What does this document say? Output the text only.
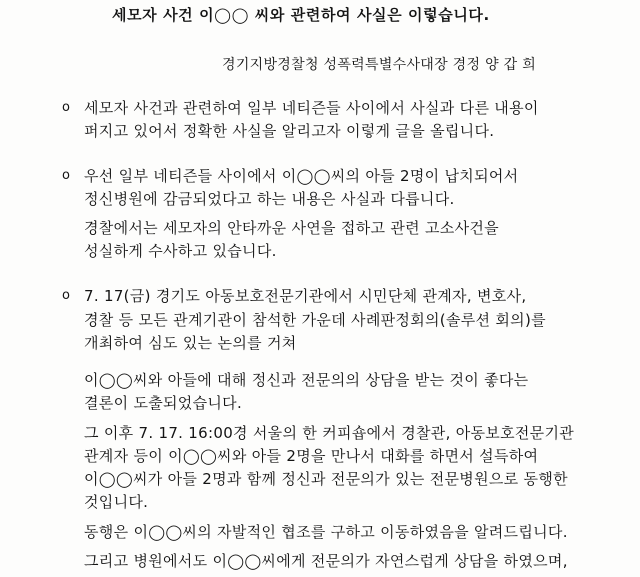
세모자 사건 이◯◯ 씨와 관련하여 사실은 이렇습니다.
경기지방경찰청 성폭력특별수사대장 경정 양 갑 희
o 세모자 사건과 관련하여 일부 네티즌들 사이에서 사실과 다른 내용이
퍼지고 있어서 정확한 사실을 알리고자 이렇게 글을 올립니다.
o 우선 일부 네티즌들 사이에서 이◯◯씨의 아들 2명이 납치되어서
정신병원에 감금되었다고 하는 내용은 사실과 다릅니다.
경찰에서는 세모자의 안타까운 사연을 접하고 관련 고소사건을
성실하게 수사하고 있습니다.
o 7. 17(금) 경기도 아동보호전문기관에서 시민단체 관계자, 변호사,
경찰 등 모든 관계기관이 참석한 가운데 사례판정회의(솔루션 회의)를
개최하여 심도 있는 논의를 거쳐
이◯◯씨와 아들에 대해 정신과 전문의의 상담을 받는 것이 좋다는
결론이 도출되었습니다.
그 이후 7. 17. 16:00경 서울의 한 커피숍에서 경찰관, 아동보호전문기관
관계자 등이 이◯◯씨와 아들 2명을 만나서 대화를 하면서 설득하여
이◯◯씨가 아들 2명과 함께 정신과 전문의가 있는 전문병원으로 동행한
것입니다.
동행은 이◯◯씨의 자발적인 협조를 구하고 이동하였음을 알려드립니다.
그리고 병원에서도 이◯◯씨에게 전문의가 자연스럽게 상담을 하였으며,
